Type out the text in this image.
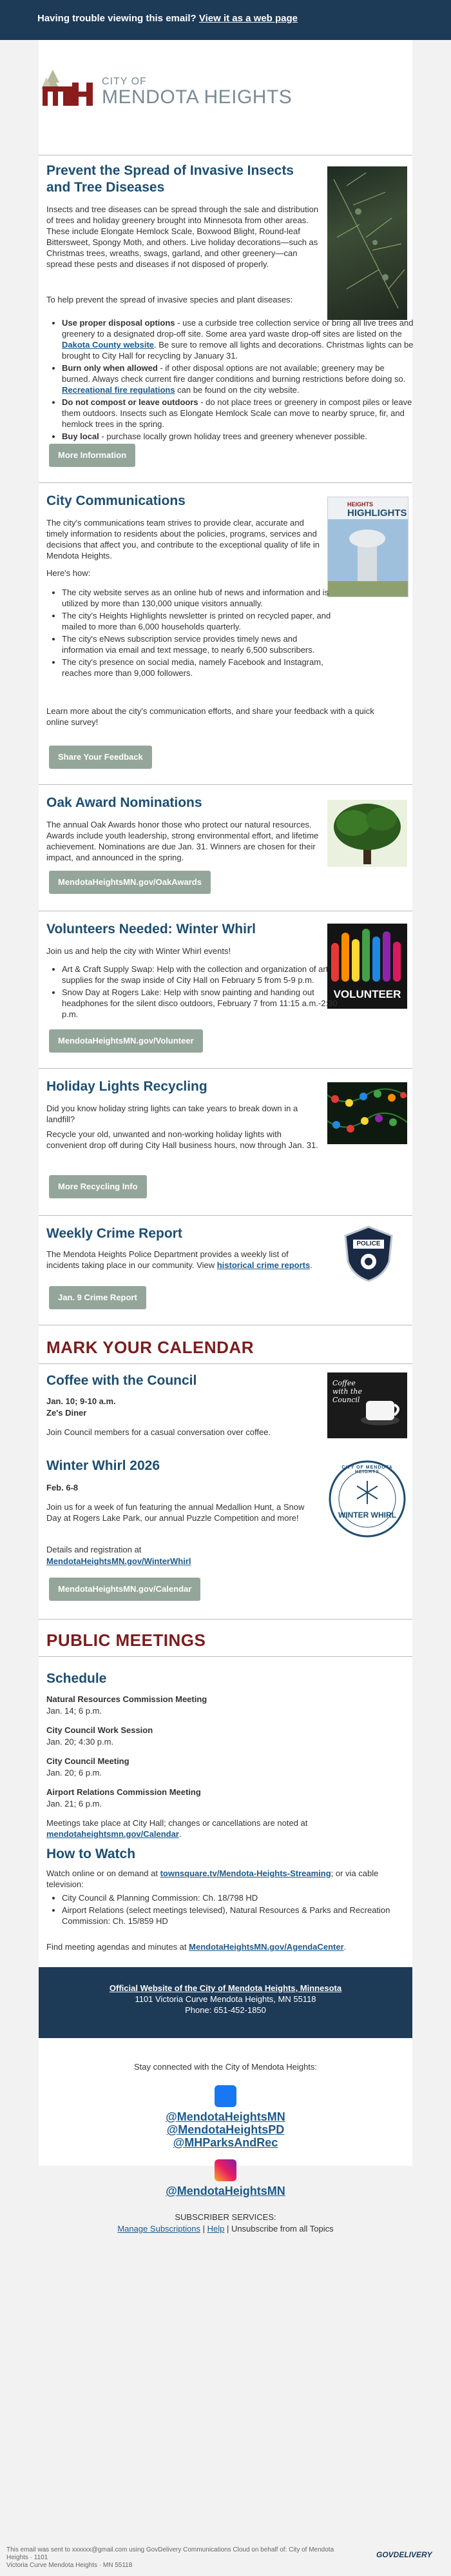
Having trouble viewing this email? View it as a web page
CITY OF
MENDOTA HEIGHTS
Prevent the Spread of Invasive Insects and Tree Diseases

Insects and tree diseases can be spread through the sale and distribution of trees and holiday greenery brought into Minnesota from other areas. These include Elongate Hemlock Scale, Boxwood Blight, Round-leaf Bittersweet, Spongy Moth, and others. Live holiday decorations—such as Christmas trees, wreaths, swags, garland, and other greenery—can spread these pests and diseases if not disposed of properly.

To help prevent the spread of invasive species and plant diseases:

• Use proper disposal options - use a curbside tree collection service or bring all live trees and greenery to a designated drop-off site. Some area yard waste drop-off sites are listed on the Dakota County website. Be sure to remove all lights and decorations. Christmas lights can be brought to City Hall for recycling by January 31.
• Burn only when allowed - if other disposal options are not available; greenery may be burned. Always check current fire danger conditions and burning restrictions before doing so. Recreational fire regulations can be found on the city website.
• Do not compost or leave outdoors - do not place trees or greenery in compost piles or leave them outdoors. Insects such as Elongate Hemlock Scale can move to nearby spruce, fir, and hemlock trees in the spring.
• Buy local - purchase locally grown holiday trees and greenery whenever possible.
More Information
City Communications	HEIGHTS
HIGHLIGHTS

The city's communications team strives to provide clear, accurate and timely information to residents about the policies, programs, services and decisions that affect you, and contribute to the exceptional quality of life in Mendota Heights.

Here's how:

• The city website serves as an online hub of news and information and is utilized by more than 130,000 unique visitors annually.
• The city's Heights Highlights newsletter is printed on recycled paper, and mailed to more than 6,000 households quarterly.
• The city's eNews subscription service provides timely news and information via email and text message, to nearly 6,500 subscribers.
• The city's presence on social media, namely Facebook and Instagram, reaches more than 9,000 followers.

Learn more about the city's communication efforts, and share your feedback with a quick online survey!

Share Your Feedback
Oak Award Nominations

The annual Oak Awards honor those who protect our natural resources. Awards include youth leadership, strong environmental effort, and lifetime achievement. Nominations are due Jan. 31. Winners are chosen for their impact, and announced in the spring.

MendotaHeightsMN.gov/OakAwards
Volunteers Needed: Winter Whirl
VOLUNTEER

Join us and help the city with Winter Whirl events!

• Art & Craft Supply Swap: Help with the collection and organization of art supplies for the swap inside of City Hall on February 5 from 5-9 p.m.
• Snow Day at Rogers Lake: Help with snow painting and handing out headphones for the silent disco outdoors, February 7 from 11:15 a.m.-2:30 p.m.
MendotaHeightsMN.gov/Volunteer
Holiday Lights Recycling

Did you know holiday string lights can take years to break down in a landfill?

Recycle your old, unwanted and non-working holiday lights with convenient drop off during City Hall business hours, now through Jan. 31.

More Recycling Info
Weekly Crime Report
POLICE

The Mendota Heights Police Department provides a weekly list of incidents taking place in our community. View historical crime reports.

Jan. 9 Crime Report
MARK YOUR CALENDAR
Coffee with the Council	Coffee with the Council

Jan. 10; 9-10 a.m.

Ze's Diner

Join Council members for a casual conversation over coffee.

Winter Whirl 2026	CITY OF MENDOTA HEIGHTS
WINTER WHIRL

Feb. 6-8

Join us for a week of fun featuring the annual Medallion Hunt, a Snow Day at Rogers Lake Park, our annual Puzzle Competition and more!

Details and registration at

MendotaHeightsMN.gov/WinterWhirl

MendotaHeightsMN.gov/Calendar
PUBLIC MEETINGS
Schedule

Natural Resources Commission Meeting

Jan. 14; 6 p.m.

City Council Work Session

Jan. 20; 4:30 p.m.

City Council Meeting

Jan. 20; 6 p.m.

Airport Relations Commission Meeting

Jan. 21; 6 p.m.

Meetings take place at City Hall; changes or cancellations are noted at mendotaheightsmn.gov/Calendar.

How to Watch

Watch online or on demand at townsquare.tv/Mendota-Heights-Streaming; or via cable television:

• City Council & Planning Commission: Ch. 18/798 HD
• Airport Relations (select meetings televised), Natural Resources & Parks and Recreation Commission: Ch. 15/859 HD

Find meeting agendas and minutes at MendotaHeightsMN.gov/AgendaCenter.

Official Website of the City of Mendota Heights, Minnesota
1101 Victoria Curve Mendota Heights, MN 55118
Phone: 651-452-1850
Stay connected with the City of Mendota Heights:
@MendotaHeightsMN
@MendotaHeightsPD
@MHParksAndRec
@MendotaHeightsMN
SUBSCRIBER SERVICES:
Manage Subscriptions | Help | Unsubscribe from all Topics
This email was sent to xxxxxx@gmail.com using GovDelivery Communications Cloud on behalf of: City of Mendota Heights · 1101
Victoria Curve Mendota Heights · MN 55118
GOVDELIVERY
